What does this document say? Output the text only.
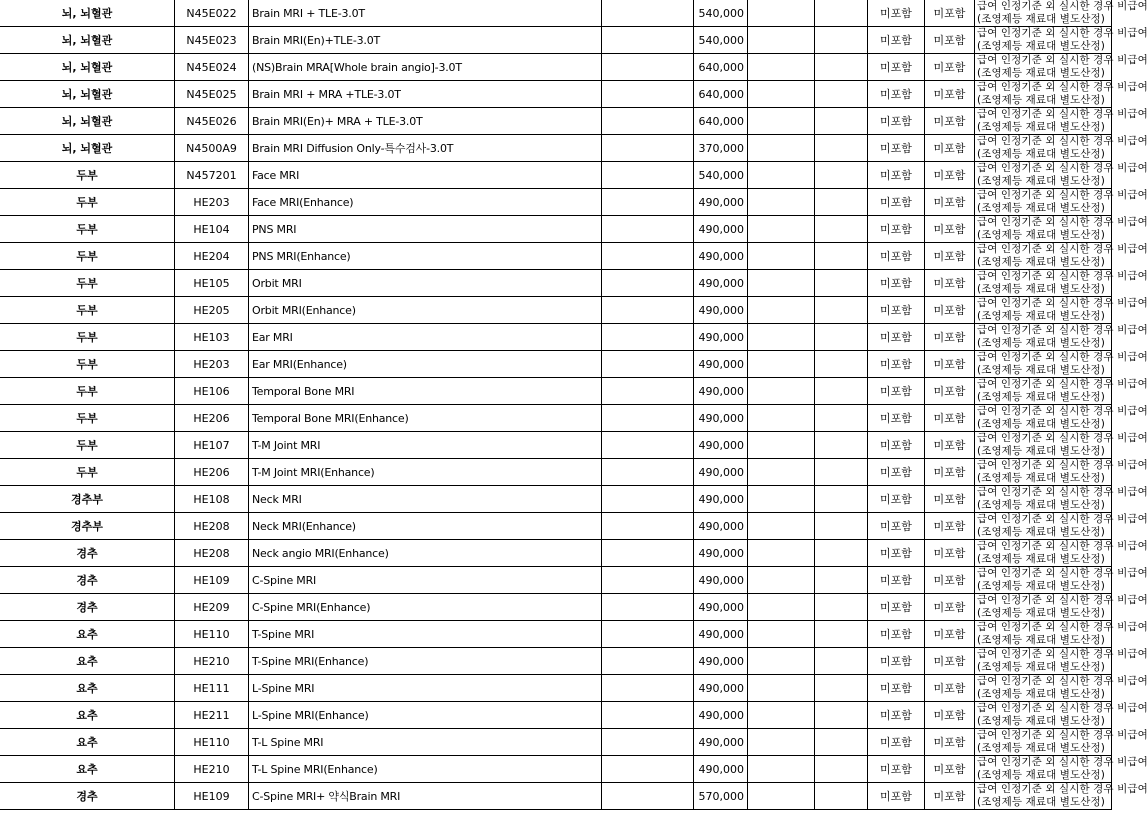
뇌, 뇌혈관	N45E022	Brain MRI + TLE-3.0T		540,000			미포함	미포함	급여 인정기준 외 실시한 경우 비급여
(조영제등 재료대 별도산정)

뇌, 뇌혈관	N45E023	Brain MRI(En)+TLE-3.0T		540,000			미포함	미포함	급여 인정기준 외 실시한 경우 비급여
(조영제등 재료대 별도산정)

뇌, 뇌혈관	N45E024	(NS)Brain MRA[Whole brain angio]-3.0T		640,000			미포함	미포함	급여 인정기준 외 실시한 경우 비급여
(조영제등 재료대 별도산정)

뇌, 뇌혈관	N45E025	Brain MRI + MRA +TLE-3.0T		640,000			미포함	미포함	급여 인정기준 외 실시한 경우 비급여
(조영제등 재료대 별도산정)

뇌, 뇌혈관	N45E026	Brain MRI(En)+ MRA + TLE-3.0T		640,000			미포함	미포함	급여 인정기준 외 실시한 경우 비급여
(조영제등 재료대 별도산정)

뇌, 뇌혈관	N4500A9	Brain MRI Diffusion Only-특수검사-3.0T		370,000			미포함	미포함	급여 인정기준 외 실시한 경우 비급여
(조영제등 재료대 별도산정)

두부	N457201	Face MRI		540,000			미포함	미포함	급여 인정기준 외 실시한 경우 비급여
(조영제등 재료대 별도산정)

두부	HE203	Face MRI(Enhance)		490,000			미포함	미포함	급여 인정기준 외 실시한 경우 비급여
(조영제등 재료대 별도산정)

두부	HE104	PNS MRI		490,000			미포함	미포함	급여 인정기준 외 실시한 경우 비급여
(조영제등 재료대 별도산정)

두부	HE204	PNS MRI(Enhance)		490,000			미포함	미포함	급여 인정기준 외 실시한 경우 비급여
(조영제등 재료대 별도산정)

두부	HE105	Orbit MRI		490,000			미포함	미포함	급여 인정기준 외 실시한 경우 비급여
(조영제등 재료대 별도산정)

두부	HE205	Orbit MRI(Enhance)		490,000			미포함	미포함	급여 인정기준 외 실시한 경우 비급여
(조영제등 재료대 별도산정)

두부	HE103	Ear MRI		490,000			미포함	미포함	급여 인정기준 외 실시한 경우 비급여
(조영제등 재료대 별도산정)

두부	HE203	Ear MRI(Enhance)		490,000			미포함	미포함	급여 인정기준 외 실시한 경우 비급여
(조영제등 재료대 별도산정)

두부	HE106	Temporal Bone MRI		490,000			미포함	미포함	급여 인정기준 외 실시한 경우 비급여
(조영제등 재료대 별도산정)

두부	HE206	Temporal Bone MRI(Enhance)		490,000			미포함	미포함	급여 인정기준 외 실시한 경우 비급여
(조영제등 재료대 별도산정)

두부	HE107	T-M Joint MRI		490,000			미포함	미포함	급여 인정기준 외 실시한 경우 비급여
(조영제등 재료대 별도산정)

두부	HE206	T-M Joint MRI(Enhance)		490,000			미포함	미포함	급여 인정기준 외 실시한 경우 비급여
(조영제등 재료대 별도산정)

경추부	HE108	Neck MRI		490,000			미포함	미포함	급여 인정기준 외 실시한 경우 비급여
(조영제등 재료대 별도산정)

경추부	HE208	Neck MRI(Enhance)		490,000			미포함	미포함	급여 인정기준 외 실시한 경우 비급여
(조영제등 재료대 별도산정)

경추	HE208	Neck angio MRI(Enhance)		490,000			미포함	미포함	급여 인정기준 외 실시한 경우 비급여
(조영제등 재료대 별도산정)

경추	HE109	C-Spine MRI		490,000			미포함	미포함	급여 인정기준 외 실시한 경우 비급여
(조영제등 재료대 별도산정)

경추	HE209	C-Spine MRI(Enhance)		490,000			미포함	미포함	급여 인정기준 외 실시한 경우 비급여
(조영제등 재료대 별도산정)

요추	HE110	T-Spine MRI		490,000			미포함	미포함	급여 인정기준 외 실시한 경우 비급여
(조영제등 재료대 별도산정)

요추	HE210	T-Spine MRI(Enhance)		490,000			미포함	미포함	급여 인정기준 외 실시한 경우 비급여
(조영제등 재료대 별도산정)

요추	HE111	L-Spine MRI		490,000			미포함	미포함	급여 인정기준 외 실시한 경우 비급여
(조영제등 재료대 별도산정)

요추	HE211	L-Spine MRI(Enhance)		490,000			미포함	미포함	급여 인정기준 외 실시한 경우 비급여
(조영제등 재료대 별도산정)

요추	HE110	T-L Spine MRI		490,000			미포함	미포함	급여 인정기준 외 실시한 경우 비급여
(조영제등 재료대 별도산정)

요추	HE210	T-L Spine MRI(Enhance)		490,000			미포함	미포함	급여 인정기준 외 실시한 경우 비급여
(조영제등 재료대 별도산정)

경추	HE109	C-Spine MRI+ 약식Brain MRI		570,000			미포함	미포함	급여 인정기준 외 실시한 경우 비급여
(조영제등 재료대 별도산정)
